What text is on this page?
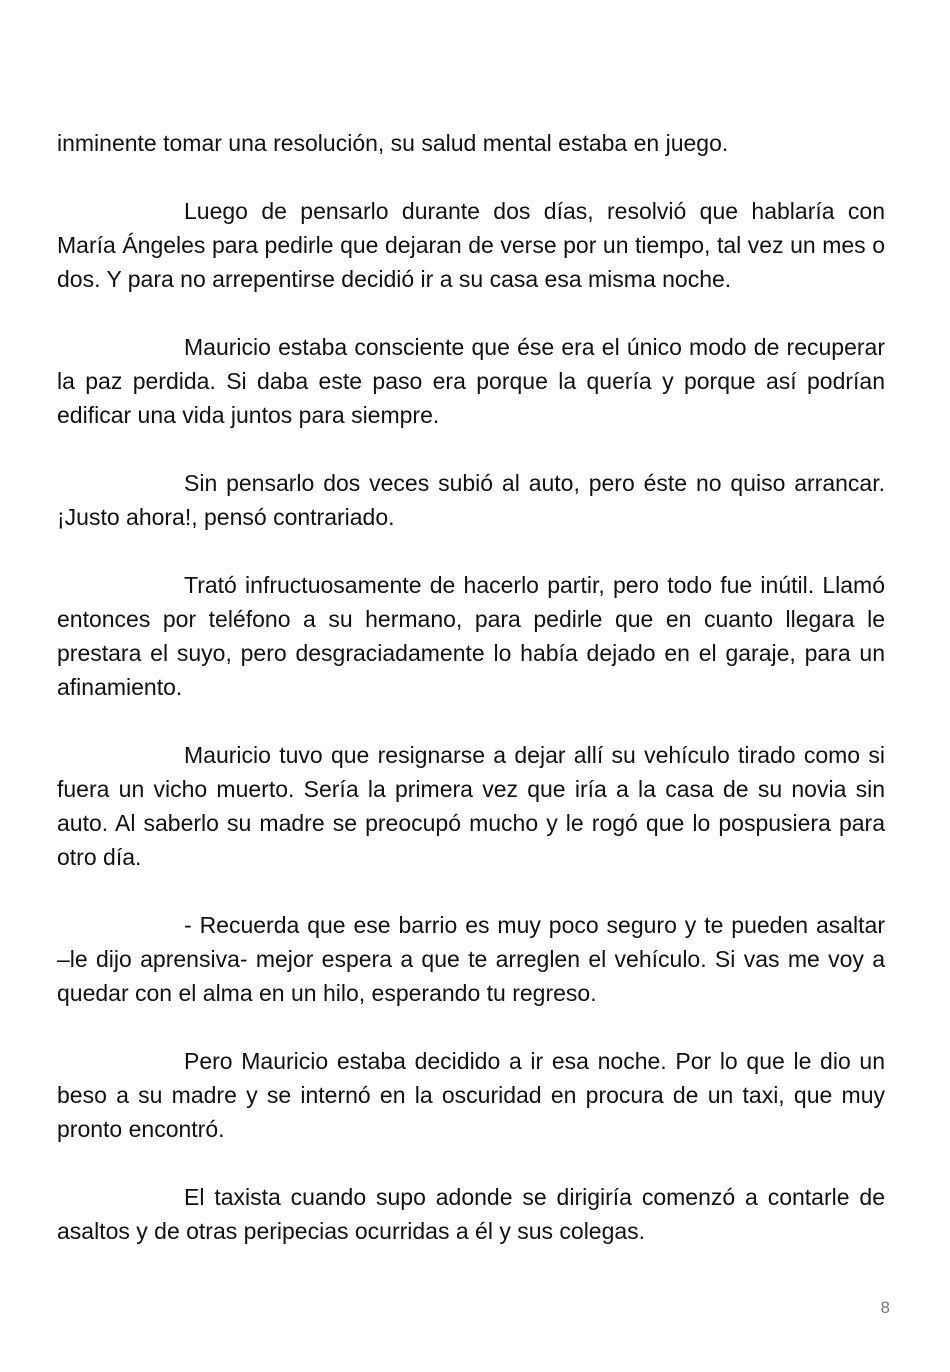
inminente tomar una resolución, su salud mental estaba en juego.

Luego de pensarlo durante dos días, resolvió que hablaría con María Ángeles para pedirle que dejaran de verse por un tiempo, tal vez un mes o dos. Y para no arrepentirse decidió ir a su casa esa misma noche.

Mauricio estaba consciente que ése era el único modo de recuperar la paz perdida. Si daba este paso era porque la quería y porque así podrían edificar una vida juntos para siempre.

Sin pensarlo dos veces subió al auto, pero éste no quiso arrancar. ¡Justo ahora!, pensó contrariado.

Trató infructuosamente de hacerlo partir, pero todo fue inútil. Llamó entonces por teléfono a su hermano, para pedirle que en cuanto llegara le prestara el suyo, pero desgraciadamente lo había dejado en el garaje, para un afinamiento.

Mauricio tuvo que resignarse a dejar allí su vehículo tirado como si fuera un vicho muerto. Sería la primera vez que iría a la casa de su novia sin auto. Al saberlo su madre se preocupó mucho y le rogó que lo pospusiera para otro día.

- Recuerda que ese barrio es muy poco seguro y te pueden asaltar –le dijo aprensiva- mejor espera a que te arreglen el vehículo. Si vas me voy a quedar con el alma en un hilo, esperando tu regreso.

Pero Mauricio estaba decidido a ir esa noche. Por lo que le dio un beso a su madre y se internó en la oscuridad en procura de un taxi, que muy pronto encontró.

El taxista cuando supo adonde se dirigiría comenzó a contarle de asaltos y de otras peripecias ocurridas a él y sus colegas.

8
